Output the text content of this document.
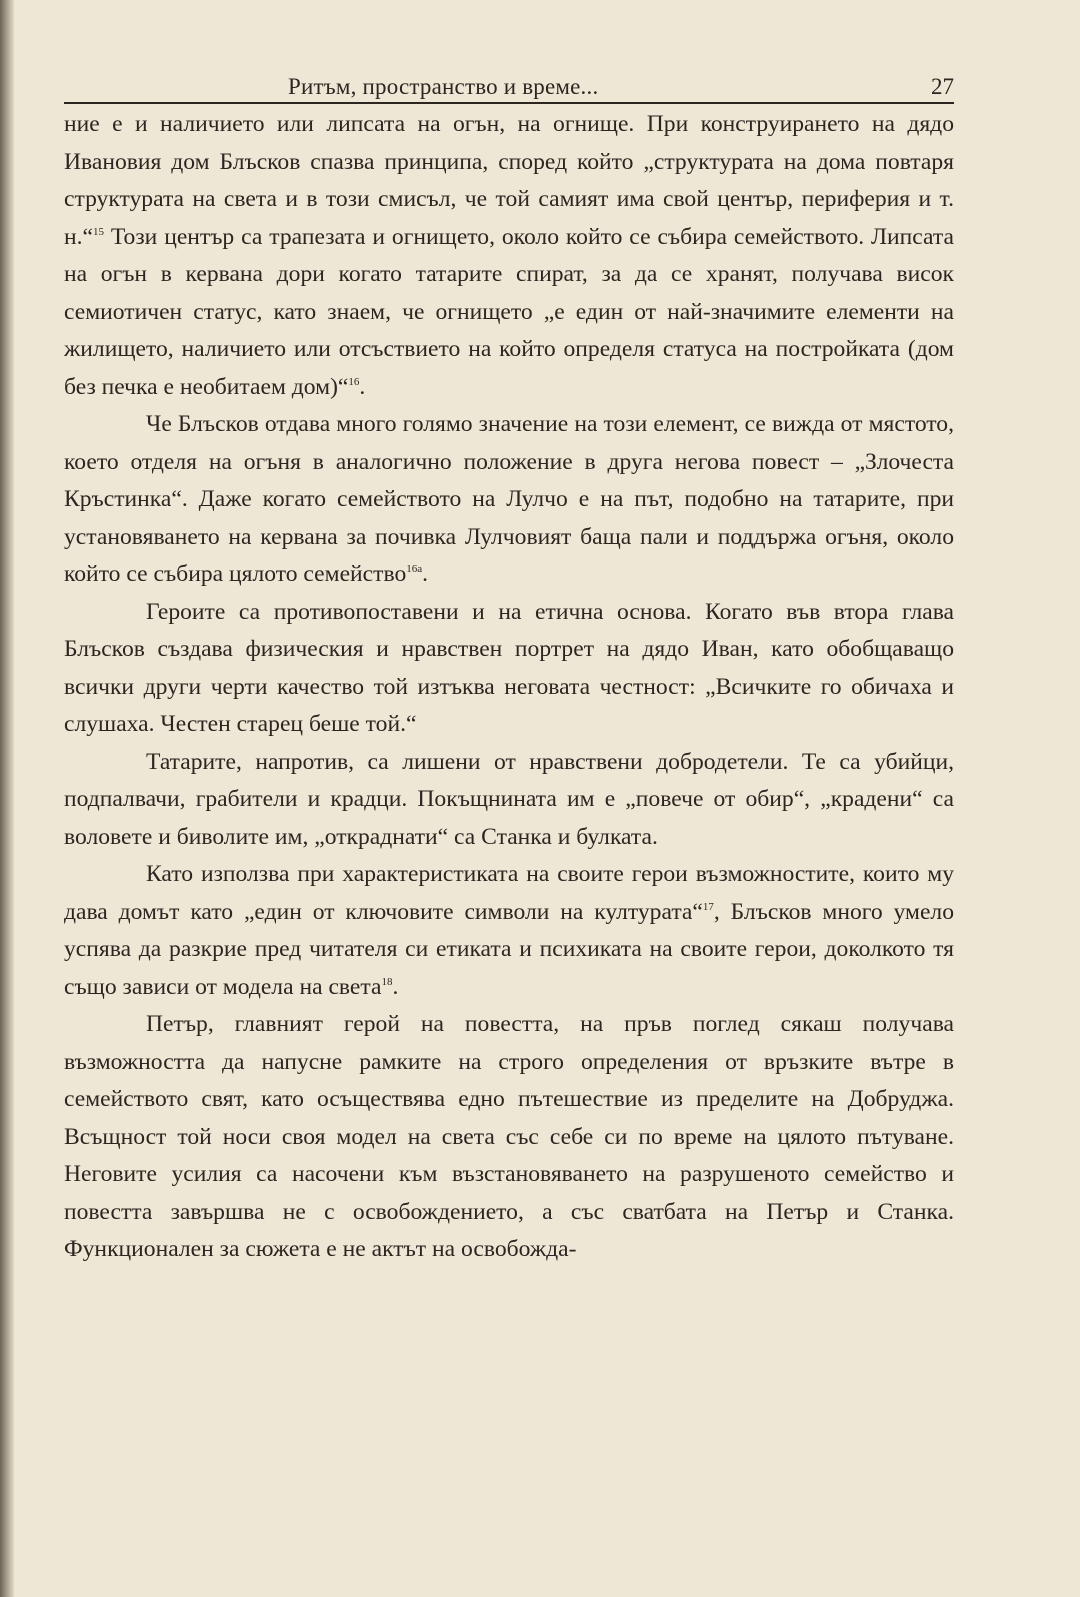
Ритъм, пространство и време...	27

ние е и наличието или липсата на огън, на огнище. При конструирането на дядо Ивановия дом Блъсков спазва принципа, според който „структурата на дома повтаря структурата на света и в този смисъл, че той самият има свой център, периферия и т. н.“$^{15}$ Този център са трапезата и огнището, около който се събира семейството. Липсата на огън в кервана дори когато татарите спират, за да се хранят, получава висок семиотичен статус, като знаем, че огнището „е един от най-значимите елементи на жилището, наличието или отсъствието на който определя статуса на постройката (дом без печка е необитаем дом)“$^{16}$.

Че Блъсков отдава много голямо значение на този елемент, се вижда от мястото, което отделя на огъня в аналогично положение в друга негова повест – „Злочеста Кръстинка“. Даже когато семейството на Лулчо е на път, подобно на татарите, при установяването на кервана за почивка Лулчовият баща пали и поддържа огъня, около който се събира цялото семейство$^{16а}$.

Героите са противопоставени и на етична основа. Когато във втора глава Блъсков създава физическия и нравствен портрет на дядо Иван, като обобщаващо всички други черти качество той изтъква неговата честност: „Всичките го обичаха и слушаха. Честен старец беше той.“

Татарите, напротив, са лишени от нравствени добродетели. Те са убийци, подпалвачи, грабители и крадци. Покъщнината им е „повече от обир“, „крадени“ са воловете и биволите им, „откраднати“ са Станка и булката.

Като използва при характеристиката на своите герои възможностите, които му дава домът като „един от ключовите символи на културата“$^{17}$, Блъсков много умело успява да разкрие пред читателя си етиката и психиката на своите герои, доколкото тя също зависи от модела на света$^{18}$.

Петър, главният герой на повестта, на пръв поглед сякаш получава възможността да напусне рамките на строго определения от връзките вътре в семейството свят, като осъществява едно пътешествие из пределите на Добруджа. Всъщност той носи своя модел на света със себе си по време на цялото пътуване. Неговите усилия са насочени към възстановяването на разрушеното семейство и повестта завършва не с освобождението, а със сватбата на Петър и Станка. Функционален за сюжета е не актът на освобожда-
